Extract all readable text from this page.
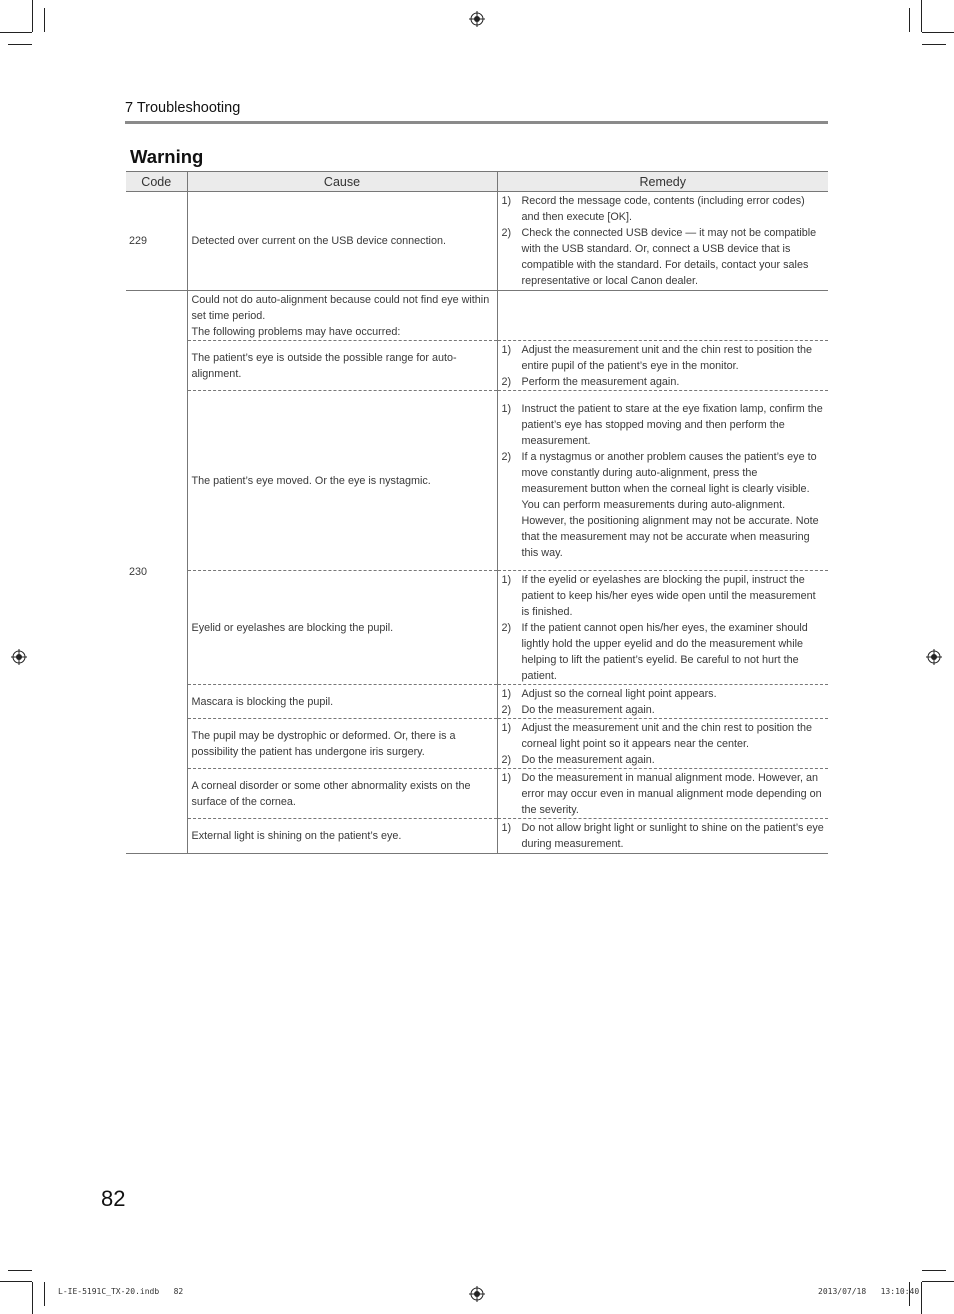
7 Troubleshooting
Warning
Code	Cause	Remedy
229	Detected over current on the USB device connection.	1) Record the message code, contents (including error codes) and then execute [OK].
2) Check the connected USB device — it may not be compatible with the USB standard. Or, connect a USB device that is compatible with the standard. For details, contact your sales representative or local Canon dealer.

230	Could not do auto-alignment because could not find eye within set time period.
The following problems may have occurred:	
	The patient’s eye is outside the possible range for auto-alignment.	1) Adjust the measurement unit and the chin rest to position the entire pupil of the patient’s eye in the monitor.
2) Perform the measurement again.

	The patient’s eye moved. Or the eye is nystagmic.	1) Instruct the patient to stare at the eye fixation lamp, confirm the patient’s eye has stopped moving and then perform the measurement.
2) If a nystagmus or another problem causes the patient’s eye to move constantly during auto-alignment, press the measurement button when the corneal light is clearly visible. You can perform measurements during auto-alignment.
However, the positioning alignment may not be accurate. Note that the measurement may not be accurate when measuring this way.

	Eyelid or eyelashes are blocking the pupil.	1) If the eyelid or eyelashes are blocking the pupil, instruct the patient to keep his/her eyes wide open until the measurement is finished.
2) If the patient cannot open his/her eyes, the examiner should lightly hold the upper eyelid and do the measurement while helping to lift the patient’s eyelid. Be careful to not hurt the patient.

	Mascara is blocking the pupil.	1) Adjust so the corneal light point appears.
2) Do the measurement again.

	The pupil may be dystrophic or deformed. Or, there is a possibility the patient has undergone iris surgery.	1) Adjust the measurement unit and the chin rest to position the corneal light point so it appears near the center.
2) Do the measurement again.

	A corneal disorder or some other abnormality exists on the surface of the cornea.	1) Do the measurement in manual alignment mode. However, an error may occur even in manual alignment mode depending on the severity.

	External light is shining on the patient’s eye.	1) Do not allow bright light or sunlight to shine on the patient’s eye during measurement.
82
L-IE-5191C_TX-20.indb   82	2013/07/18   13:10:40
